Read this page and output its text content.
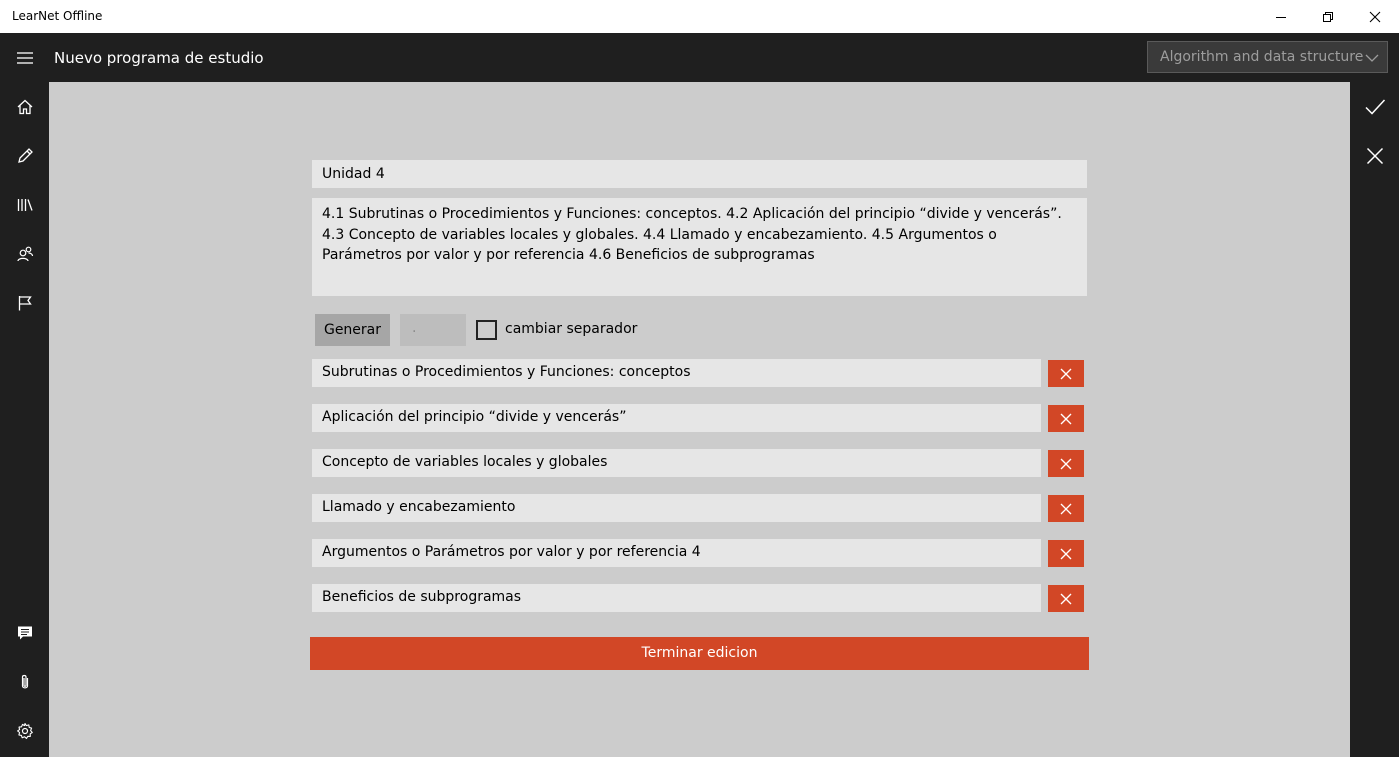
LearNet Offline
Nuevo programa de estudio	Algorithm and data structure
Unidad 4
4.1 Subrutinas o Procedimientos y Funciones: conceptos. 4.2 Aplicación del principio “divide y vencerás”. 4.3 Concepto de variables locales y globales. 4.4 Llamado y encabezamiento. 4.5 Argumentos o Parámetros por valor y por referencia 4.6 Beneficios de subprogramas
Generar	.	cambiar separador
Subrutinas o Procedimientos y Funciones: conceptos
Aplicación del principio “divide y vencerás”
Concepto de variables locales y globales
Llamado y encabezamiento
Argumentos o Parámetros por valor y por referencia 4
Beneficios de subprogramas
Terminar edicion
